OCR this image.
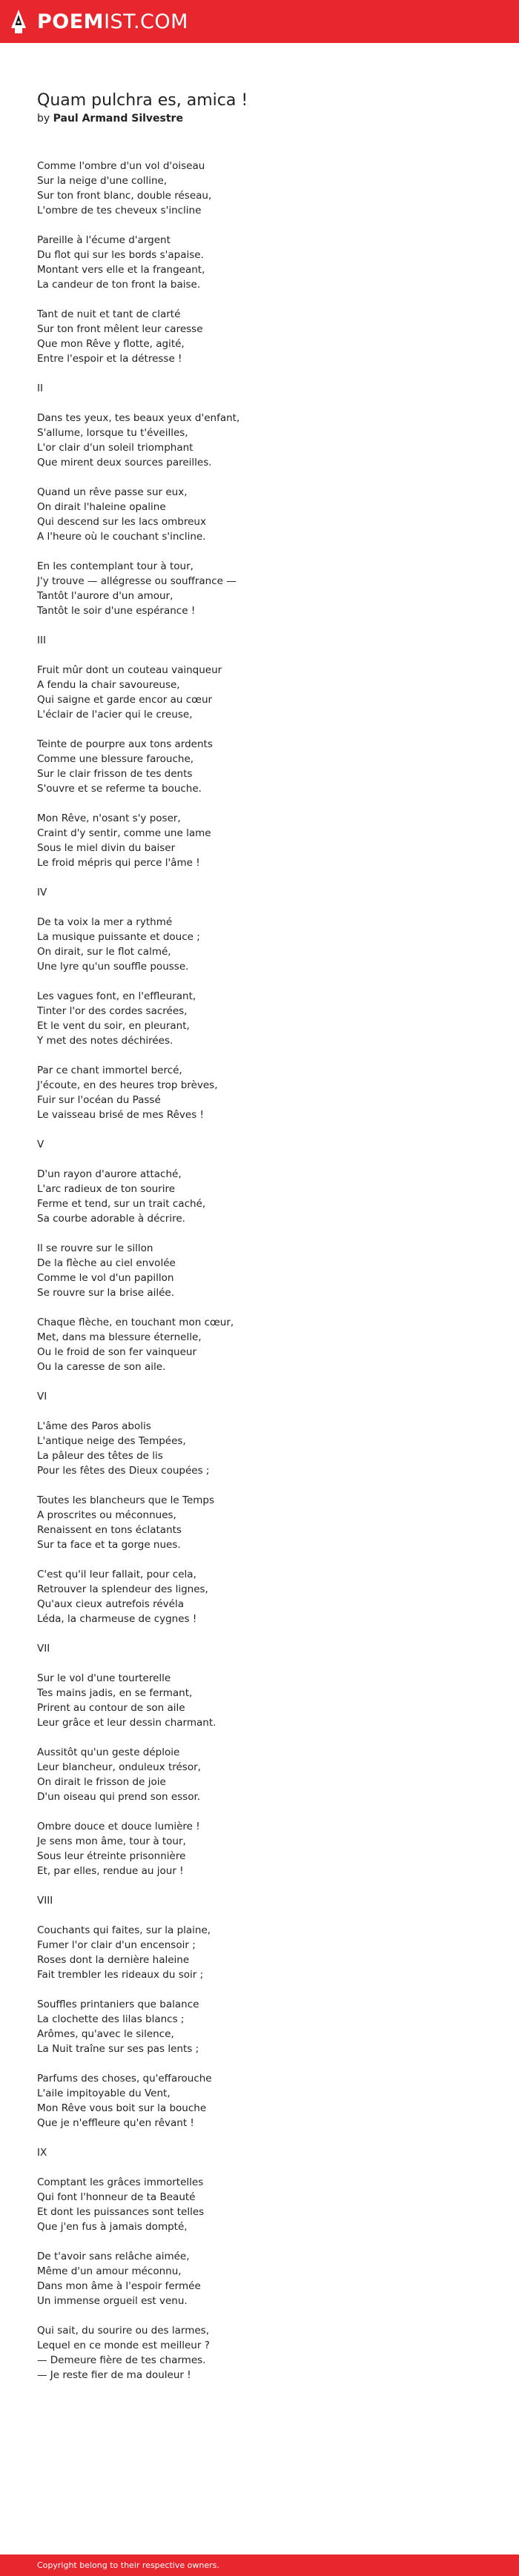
POEMIST.COM
Quam pulchra es, amica !
by Paul Armand Silvestre
Comme l'ombre d'un vol d'oiseau
Sur la neige d'une colline,
Sur ton front blanc, double réseau,
L'ombre de tes cheveux s'incline
Pareille à l'écume d'argent
Du flot qui sur les bords s'apaise.
Montant vers elle et la frangeant,
La candeur de ton front la baise.
Tant de nuit et tant de clarté
Sur ton front mêlent leur caresse
Que mon Rêve y flotte, agité,
Entre l'espoir et la détresse !
II
Dans tes yeux, tes beaux yeux d'enfant,
S'allume, lorsque tu t'éveilles,
L'or clair d'un soleil triomphant
Que mirent deux sources pareilles.
Quand un rêve passe sur eux,
On dirait l'haleine opaline
Qui descend sur les lacs ombreux
A l'heure où le couchant s'incline.
En les contemplant tour à tour,
J'y trouve — allégresse ou souffrance —
Tantôt l'aurore d'un amour,
Tantôt le soir d'une espérance !
III
Fruit mûr dont un couteau vainqueur
A fendu la chair savoureuse,
Qui saigne et garde encor au cœur
L'éclair de l'acier qui le creuse,
Teinte de pourpre aux tons ardents
Comme une blessure farouche,
Sur le clair frisson de tes dents
S'ouvre et se referme ta bouche.
Mon Rêve, n'osant s'y poser,
Craint d'y sentir, comme une lame
Sous le miel divin du baiser
Le froid mépris qui perce l'âme !
IV
De ta voix la mer a rythmé
La musique puissante et douce ;
On dirait, sur le flot calmé,
Une lyre qu'un souffle pousse.
Les vagues font, en l'effleurant,
Tinter l'or des cordes sacrées,
Et le vent du soir, en pleurant,
Y met des notes déchirées.
Par ce chant immortel bercé,
J'écoute, en des heures trop brèves,
Fuir sur l'océan du Passé
Le vaisseau brisé de mes Rêves !
V
D'un rayon d'aurore attaché,
L'arc radieux de ton sourire
Ferme et tend, sur un trait caché,
Sa courbe adorable à décrire.
Il se rouvre sur le sillon
De la flèche au ciel envolée
Comme le vol d'un papillon
Se rouvre sur la brise ailée.
Chaque flèche, en touchant mon cœur,
Met, dans ma blessure éternelle,
Ou le froid de son fer vainqueur
Ou la caresse de son aile.
VI
L'âme des Paros abolis
L'antique neige des Tempées,
La pâleur des têtes de lis
Pour les fêtes des Dieux coupées ;
Toutes les blancheurs que le Temps
A proscrites ou méconnues,
Renaissent en tons éclatants
Sur ta face et ta gorge nues.
C'est qu'il leur fallait, pour cela,
Retrouver la splendeur des lignes,
Qu'aux cieux autrefois révéla
Léda, la charmeuse de cygnes !
VII
Sur le vol d'une tourterelle
Tes mains jadis, en se fermant,
Prirent au contour de son aile
Leur grâce et leur dessin charmant.
Aussitôt qu'un geste déploie
Leur blancheur, onduleux trésor,
On dirait le frisson de joie
D'un oiseau qui prend son essor.
Ombre douce et douce lumière !
Je sens mon âme, tour à tour,
Sous leur étreinte prisonnière
Et, par elles, rendue au jour !
VIII
Couchants qui faites, sur la plaine,
Fumer l'or clair d'un encensoir ;
Roses dont la dernière haleine
Fait trembler les rideaux du soir ;
Souffles printaniers que balance
La clochette des lilas blancs ;
Arômes, qu'avec le silence,
La Nuit traîne sur ses pas lents ;
Parfums des choses, qu'effarouche
L'aile impitoyable du Vent,
Mon Rêve vous boit sur la bouche
Que je n'effleure qu'en rêvant !
IX
Comptant les grâces immortelles
Qui font l'honneur de ta Beauté
Et dont les puissances sont telles
Que j'en fus à jamais dompté,
De t'avoir sans relâche aimée,
Même d'un amour méconnu,
Dans mon âme à l'espoir fermée
Un immense orgueil est venu.
Qui sait, du sourire ou des larmes,
Lequel en ce monde est meilleur ?
— Demeure fière de tes charmes.
— Je reste fier de ma douleur !
Copyright belong to their respective owners.
